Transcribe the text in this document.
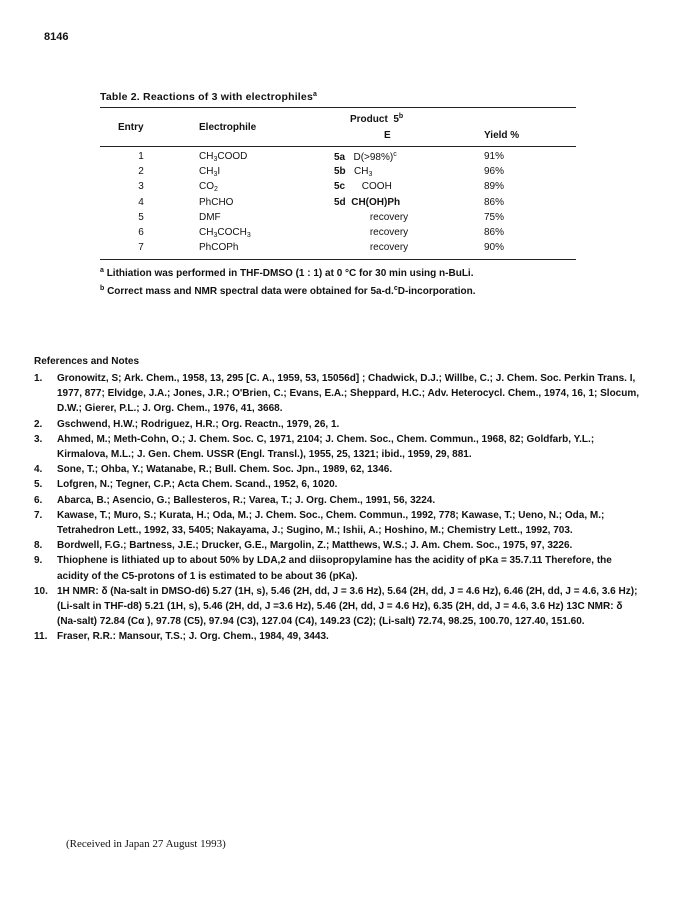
8146
Table 2. Reactions of 3 with electrophiles$^a$
Entry	Electrophile
Product 5$^b$
E	Yield %
1	$CH_3COOD$	5a D(>98%)$^c$	91%
2	$CH_3I$	5b   $CH_3$	96%
3	$CO_2$	5c COOH	89%
4	PhCHO	5d CH(OH)Ph	86%
5	DMF	recovery	75%
6	$CH_3COCH_3$	recovery	86%
7	PhCOPh	recovery	90%
$^a$ Lithiation was performed in THF-DMSO (1 : 1) at 0 °C for 30 min using n-BuLi.
$^b$ Correct mass and NMR spectral data were obtained for 5a-d.$^c$D-incorporation.
References and Notes
1. Gronowitz, S; Ark. Chem., 1958, 13, 295 [C. A., 1959, 53, 15056d] ; Chadwick, D.J.; Willbe, C.; J. Chem. Soc. Perkin Trans. I, 1977, 877; Elvidge, J.A.; Jones, J.R.; O'Brien, C.; Evans, E.A.; Sheppard, H.C.; Adv. Heterocycl. Chem., 1974, 16, 1; Slocum, D.W.; Gierer, P.L.; J. Org. Chem., 1976, 41, 3668.
2. Gschwend, H.W.; Rodriguez, H.R.; Org. Reactn., 1979, 26, 1.
3. Ahmed, M.; Meth-Cohn, O.; J. Chem. Soc. C, 1971, 2104; J. Chem. Soc., Chem. Commun., 1968, 82; Goldfarb, Y.L.; Kirmalova, M.L.; J. Gen. Chem. USSR (Engl. Transl.), 1955, 25, 1321; ibid., 1959, 29, 881.
4. Sone, T.; Ohba, Y.; Watanabe, R.; Bull. Chem. Soc. Jpn., 1989, 62, 1346.
5. Lofgren, N.; Tegner, C.P.; Acta Chem. Scand., 1952, 6, 1020.
6. Abarca, B.; Asencio, G.; Ballesteros, R.; Varea, T.; J. Org. Chem., 1991, 56, 3224.
7. Kawase, T.; Muro, S.; Kurata, H.; Oda, M.; J. Chem. Soc., Chem. Commun., 1992, 778; Kawase, T.; Ueno, N.; Oda, M.; Tetrahedron Lett., 1992, 33, 5405; Nakayama, J.; Sugino, M.; Ishii, A.; Hoshino, M.; Chemistry Lett., 1992, 703.
8. Bordwell, F.G.; Bartness, J.E.; Drucker, G.E., Margolin, Z.; Matthews, W.S.; J. Am. Chem. Soc., 1975, 97, 3226.
9. Thiophene is lithiated up to about 50% by LDA,2 and diisopropylamine has the acidity of pKa = 35.7.11 Therefore, the acidity of the C5-protons of 1 is estimated to be about 36 (pKa).
10. 1H NMR: δ (Na-salt in DMSO-d6) 5.27 (1H, s), 5.46 (2H, dd, J = 3.6 Hz), 5.64 (2H, dd, J = 4.6 Hz), 6.46 (2H, dd, J = 4.6, 3.6 Hz); (Li-salt in THF-d8) 5.21 (1H, s), 5.46 (2H, dd, J =3.6 Hz), 5.46 (2H, dd, J = 4.6 Hz), 6.35 (2H, dd, J = 4.6, 3.6 Hz) 13C NMR: δ (Na-salt) 72.84 (Cα ), 97.78 (C5), 97.94 (C3), 127.04 (C4), 149.23 (C2); (Li-salt) 72.74, 98.25, 100.70, 127.40, 151.60.
11. Fraser, R.R.: Mansour, T.S.; J. Org. Chem., 1984, 49, 3443.
(Received in Japan 27 August 1993)
